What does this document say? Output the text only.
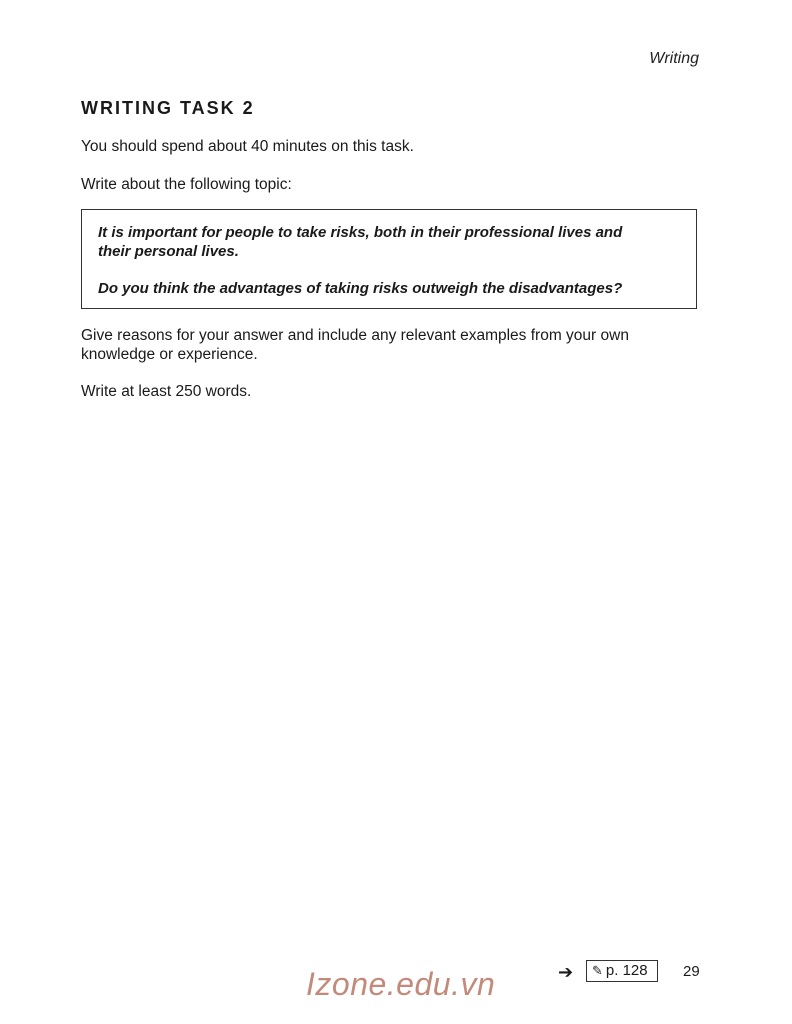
Writing
WRITING TASK 2

You should spend about 40 minutes on this task.

Write about the following topic:

It is important for people to take risks, both in their professional lives and their personal lives.

Do you think the advantages of taking risks outweigh the disadvantages?

Give reasons for your answer and include any relevant examples from your own knowledge or experience.

Write at least 250 words.

➔	✎ p. 128	29
Izone.edu.vn
